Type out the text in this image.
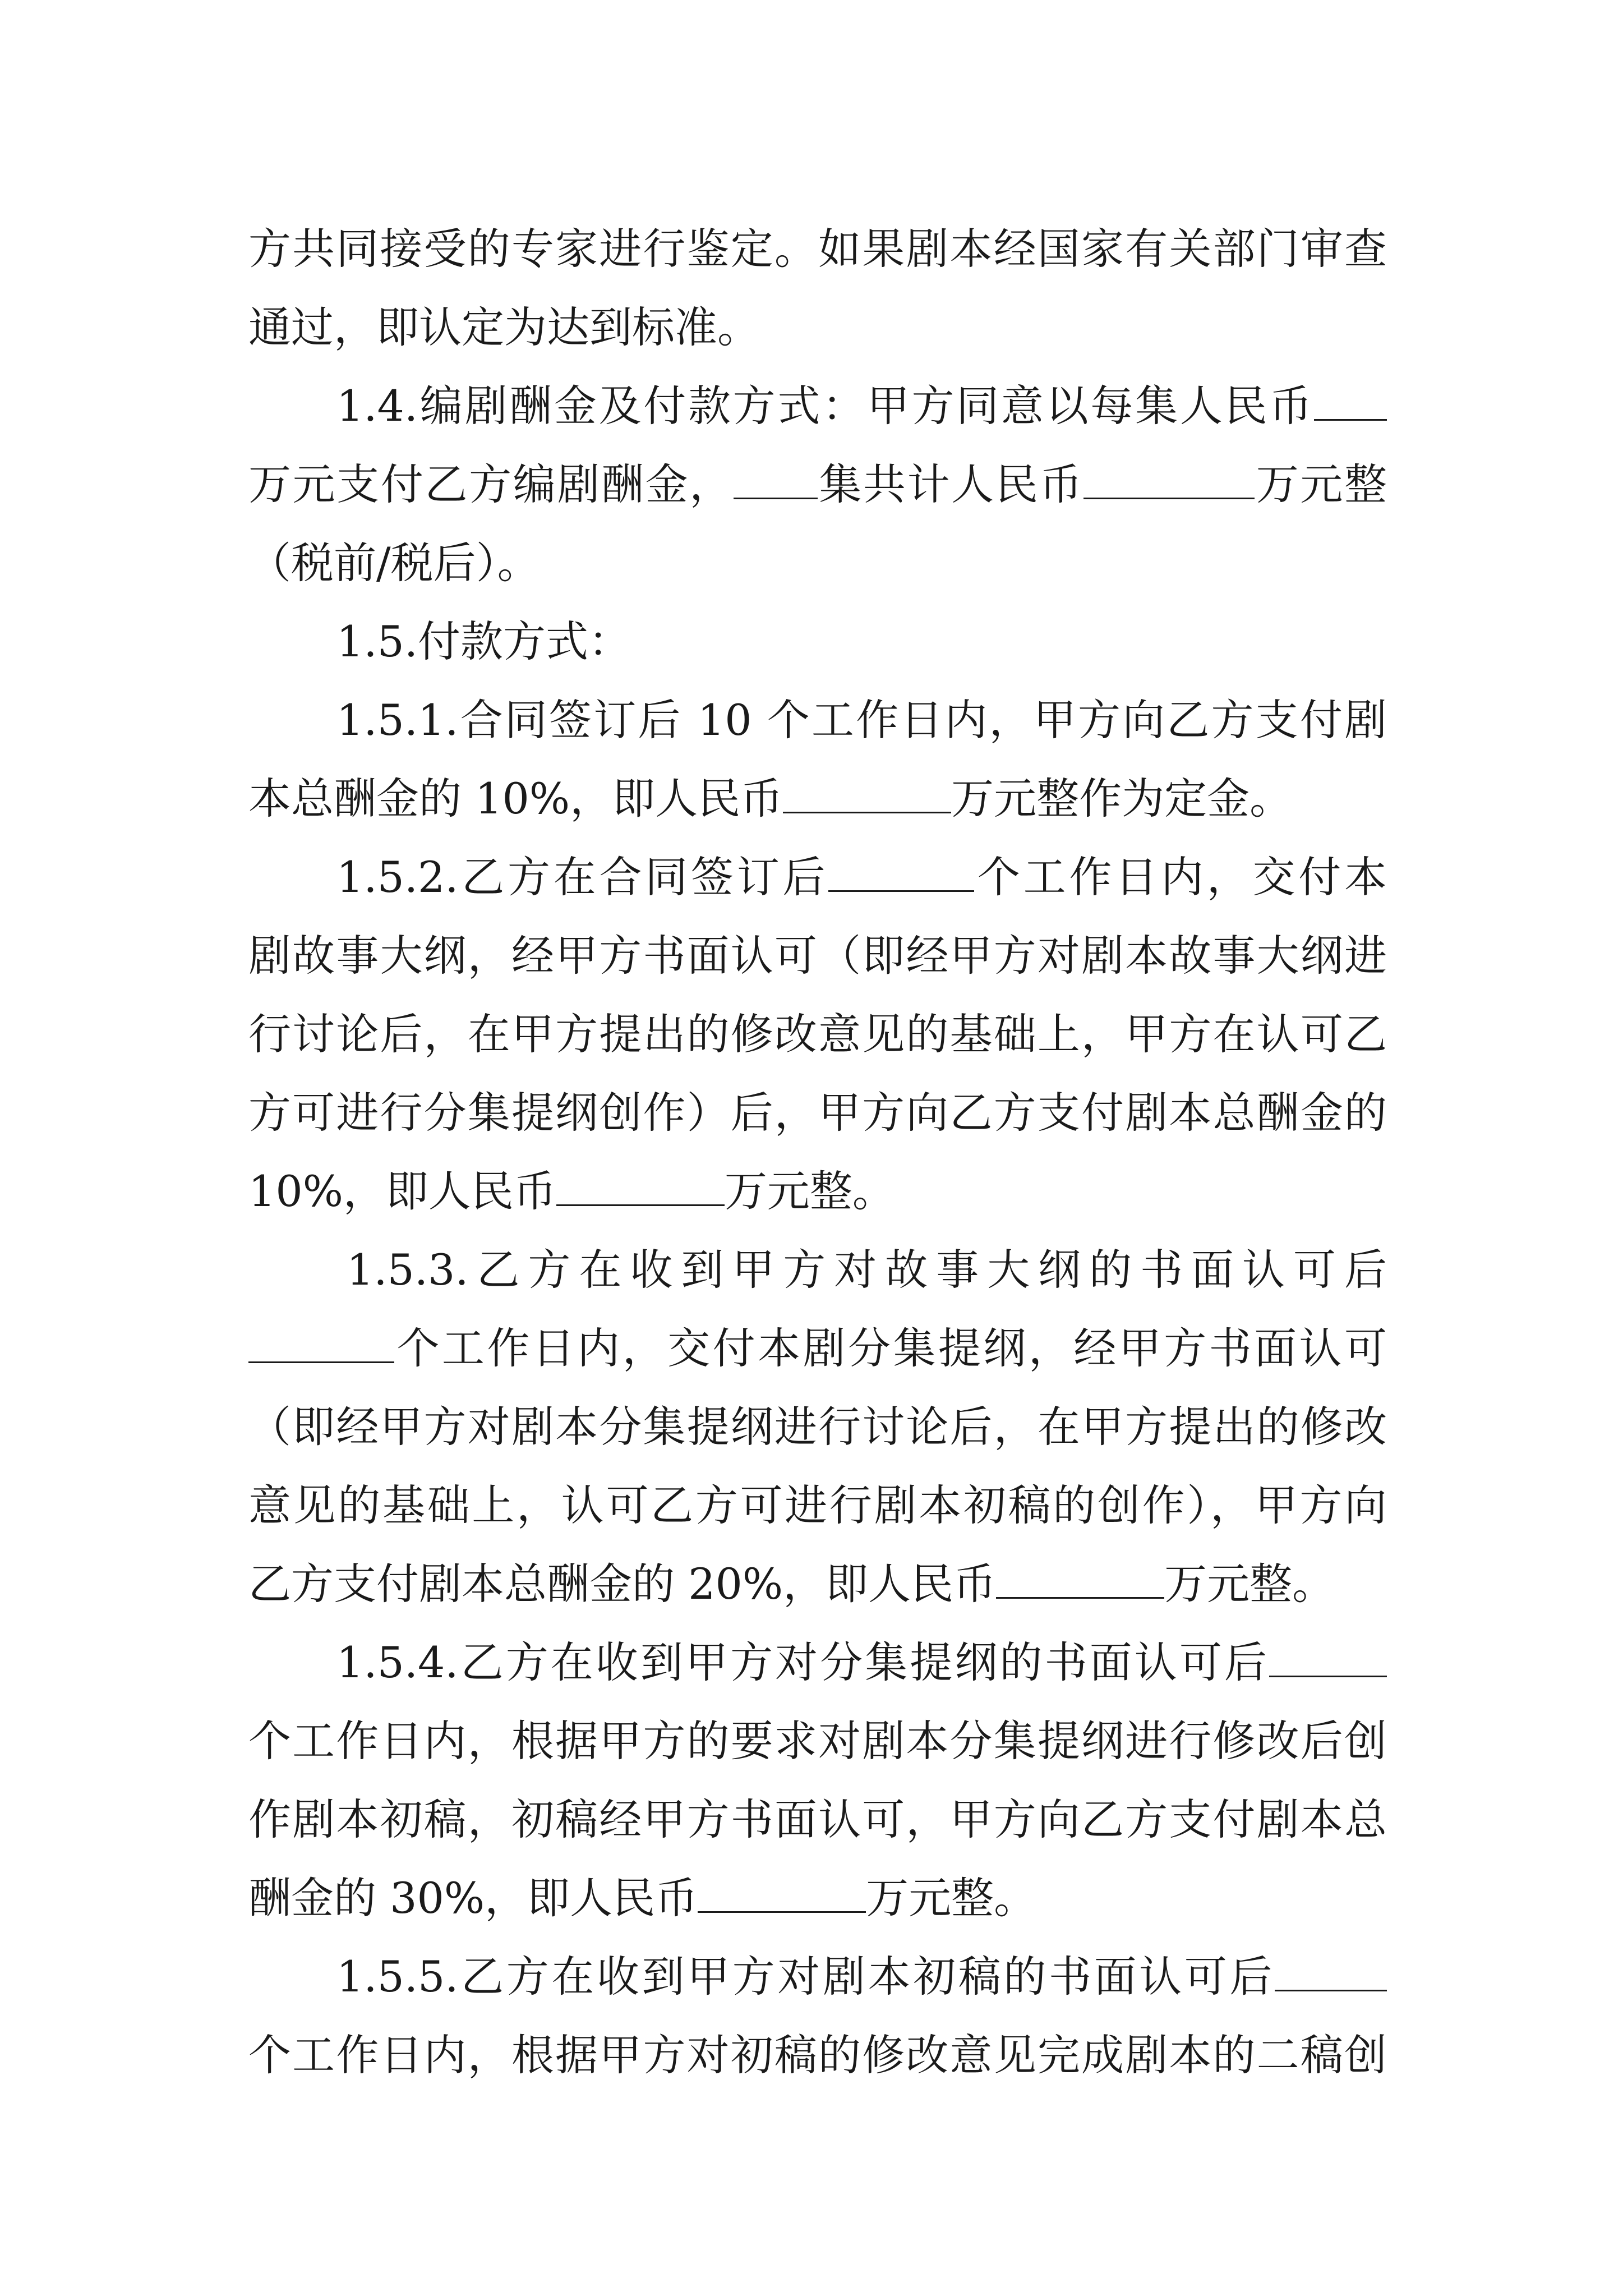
方共同接受的专家进行鉴定。如果剧本经国家有关部门审查
通过，即认定为达到标准。
1.4.编剧酬金及付款方式：甲方同意以每集人民币
万元支付乙方编剧酬金， 集共计人民币	万元整
（税前/税后）。
1.5.付款方式：
1.5.1.合同签订后 10 个工作日内，甲方向乙方支付剧
本总酬金的 10%，即人民币	万元整作为定金。
1.5.2.乙方在合同签订后	个工作日内，交付本
剧故事大纲，经甲方书面认可（即经甲方对剧本故事大纲进
行讨论后，在甲方提出的修改意见的基础上，甲方在认可乙
方可进行分集提纲创作）后，甲方向乙方支付剧本总酬金的
10%，即人民币	万元整。
1.5.3.乙方在收到甲方对故事大纲的书面认可后
个工作日内，交付本剧分集提纲，经甲方书面认可
（即经甲方对剧本分集提纲进行讨论后，在甲方提出的修改
意见的基础上，认可乙方可进行剧本初稿的创作），甲方向
乙方支付剧本总酬金的 20%，即人民币	万元整。
1.5.4.乙方在收到甲方对分集提纲的书面认可后
个工作日内，根据甲方的要求对剧本分集提纲进行修改后创
作剧本初稿，初稿经甲方书面认可，甲方向乙方支付剧本总
酬金的 30%，即人民币	万元整。
1.5.5.乙方在收到甲方对剧本初稿的书面认可后
个工作日内，根据甲方对初稿的修改意见完成剧本的二稿创
